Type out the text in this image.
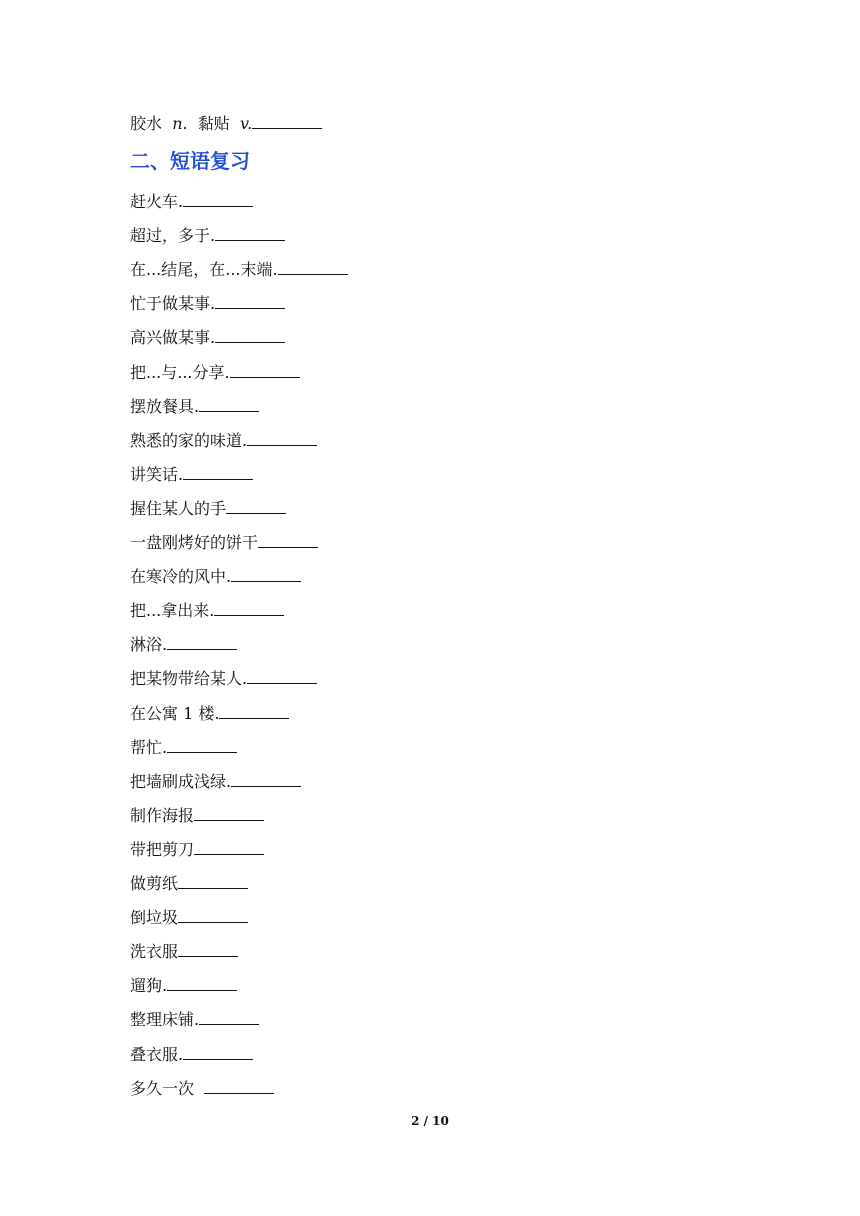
胶水 n. 黏贴 v.
二、短语复习
赶火车.
超过，多于.
在...结尾，在...末端.
忙于做某事.
高兴做某事.
把...与...分享.
摆放餐具.
熟悉的家的味道.
讲笑话.
握住某人的手
一盘刚烤好的饼干
在寒冷的风中.
把...拿出来.
淋浴.
把某物带给某人.
在公寓 1 楼.
帮忙.
把墙刷成浅绿.
制作海报
带把剪刀
做剪纸
倒垃圾
洗衣服
遛狗.
整理床铺.
叠衣服.
多久一次
2 / 10
